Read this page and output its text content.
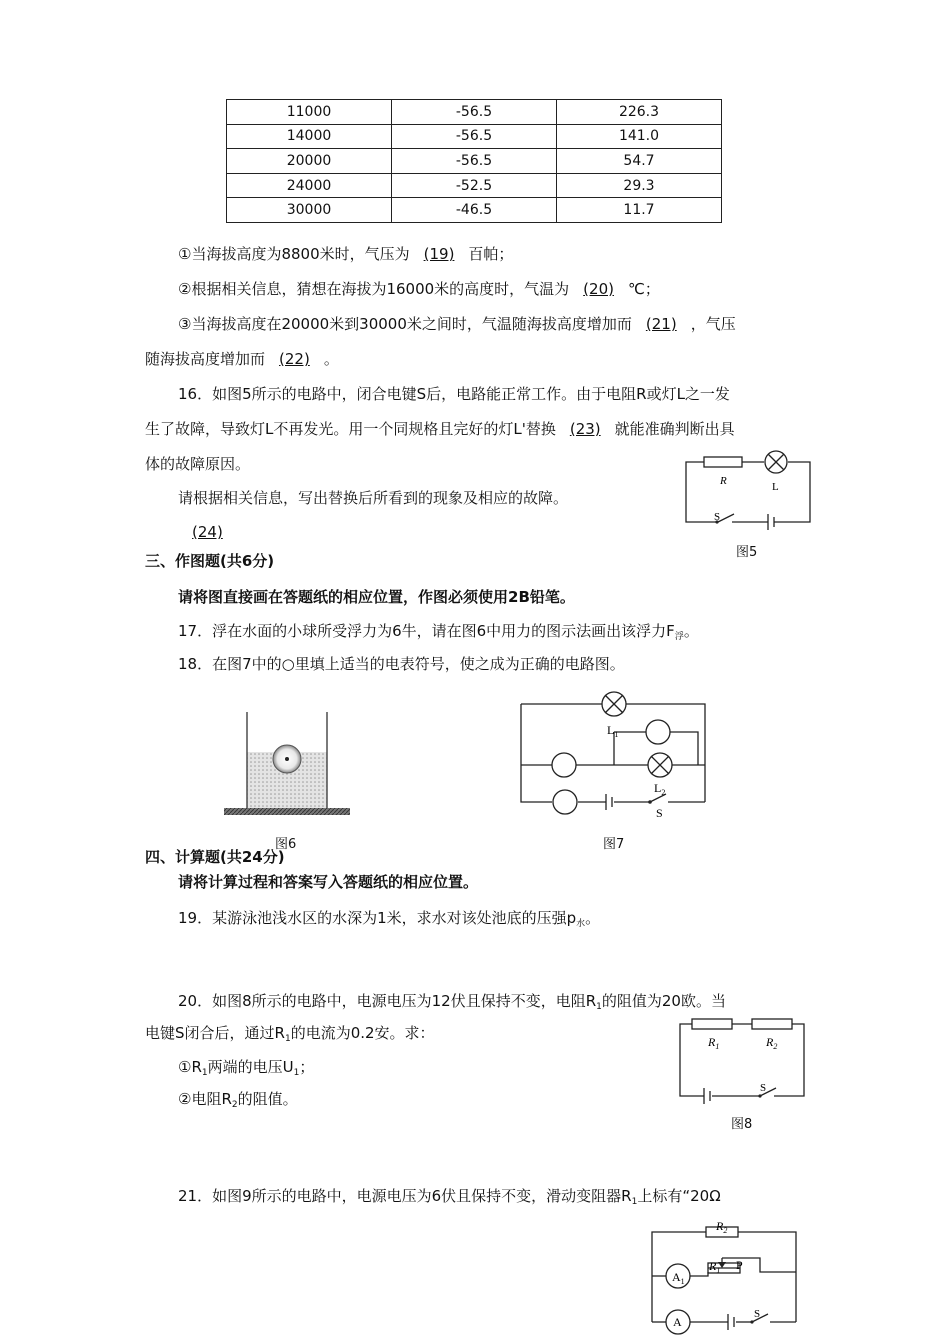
11000	-56.5	226.3
14000	-56.5	141.0
20000	-56.5	54.7
24000	-52.5	29.3
30000	-46.5	11.7
①当海拔高度为8800米时，气压为 (19) 百帕；
②根据相关信息，猜想在海拔为16000米的高度时，气温为 (20) ℃；
③当海拔高度在20000米到30000米之间时，气温随海拔高度增加而 (21) ，气压
随海拔高度增加而 (22) 。
16．如图5所示的电路中，闭合电键S后，电路能正常工作。由于电阻R或灯L之一发
生了故障，导致灯L不再发光。用一个同规格且完好的灯L'替换 (23) 就能准确判断出具
体的故障原因。
请根据相关信息，写出替换后所看到的现象及相应的故障。
(24)
R	L
S
图5
三、作图题(共6分)
请将图直接画在答题纸的相应位置，作图必须使用2B铅笔。
17．浮在水面的小球所受浮力为6牛，请在图6中用力的图示法画出该浮力$F_浮$。
18．在图7中的○里填上适当的电表符号，使之成为正确的电路图。
图6
$L_1$
$L_2$
S
图7
四、计算题(共24分)
请将计算过程和答案写入答题纸的相应位置。
19．某游泳池浅水区的水深为1米，求水对该处池底的压强$p_水$。
20．如图8所示的电路中，电源电压为12伏且保持不变，电阻$R_1$的阻值为20欧。当
电键S闭合后，通过$R_1$的电流为0.2安。求：
$①R_1$两端的电压$U_1$；
②电阻$R_2$的阻值。
$R_1$	$R_2$
S
图8
21．如图9所示的电路中，电源电压为6伏且保持不变，滑动变阻器$R_1$上标有“20Ω
$R_2$
$R_1$ P
$A_1$
A
S
